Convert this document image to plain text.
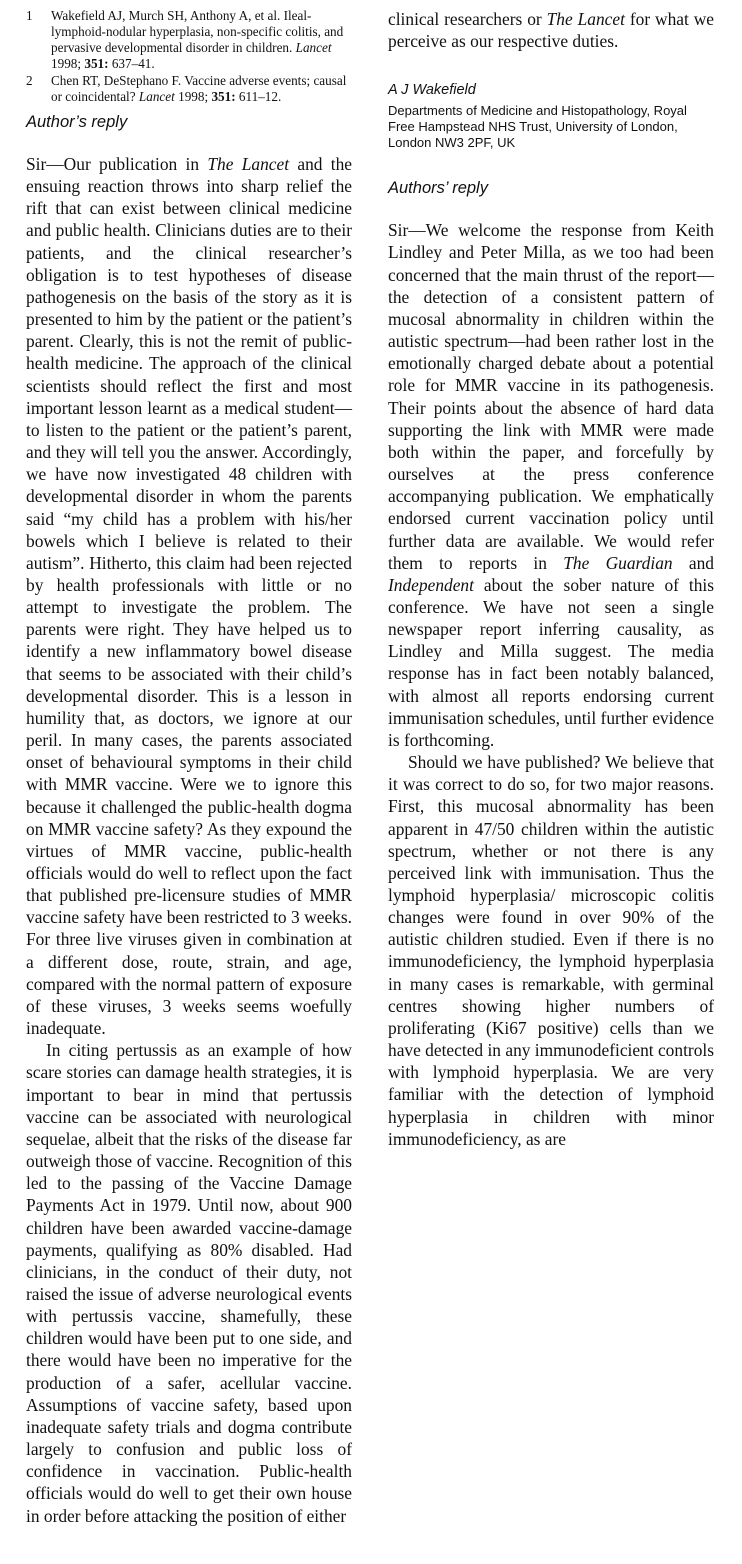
1	Wakefield AJ, Murch SH, Anthony A, et al. Ileal-lymphoid-nodular hyperplasia, non-specific colitis, and pervasive developmental disorder in children. Lancet 1998; 351: 637–41.
2	Chen RT, DeStephano F. Vaccine adverse events; causal or coincidental? Lancet 1998; 351: 611–12.
Author’s reply

Sir—Our publication in The Lancet and the ensuing reaction throws into sharp relief the rift that can exist between clinical medicine and public health. Clinicians duties are to their patients, and the clinical researcher’s obligation is to test hypotheses of disease pathogenesis on the basis of the story as it is presented to him by the patient or the patient’s parent. Clearly, this is not the remit of public-health medicine. The approach of the clinical scientists should reflect the first and most important lesson learnt as a medical student—to listen to the patient or the patient’s parent, and they will tell you the answer. Accordingly, we have now investigated 48 children with developmental disorder in whom the parents said “my child has a problem with his/her bowels which I believe is related to their autism”. Hitherto, this claim had been rejected by health professionals with little or no attempt to investigate the problem. The parents were right. They have helped us to identify a new inflammatory bowel disease that seems to be associated with their child’s developmental disorder. This is a lesson in humility that, as doctors, we ignore at our peril. In many cases, the parents associated onset of behavioural symptoms in their child with MMR vaccine. Were we to ignore this because it challenged the public-health dogma on MMR vaccine safety? As they expound the virtues of MMR vaccine, public-health officials would do well to reflect upon the fact that published pre-licensure studies of MMR vaccine safety have been restricted to 3 weeks. For three live viruses given in combination at a different dose, route, strain, and age, compared with the normal pattern of exposure of these viruses, 3 weeks seems woefully inadequate.

In citing pertussis as an example of how scare stories can damage health strategies, it is important to bear in mind that pertussis vaccine can be associated with neurological sequelae, albeit that the risks of the disease far outweigh those of vaccine. Recognition of this led to the passing of the Vaccine Damage Payments Act in 1979. Until now, about 900 children have been awarded vaccine-damage payments, qualifying as 80% disabled. Had clinicians, in the conduct of their duty, not raised the issue of adverse neurological events with pertussis vaccine, shamefully, these children would have been put to one side, and there would have been no imperative for the production of a safer, acellular vaccine. Assumptions of vaccine safety, based upon inadequate safety trials and dogma contribute largely to confusion and public loss of confidence in vaccination. Public-health officials would do well to get their own house in order before attacking the position of either

clinical researchers or The Lancet for what we perceive as our respective duties.

A J Wakefield
Departments of Medicine and Histopathology, Royal Free Hampstead NHS Trust, University of London, London NW3 2PF, UK
Authors’ reply

Sir—We welcome the response from Keith Lindley and Peter Milla, as we too had been concerned that the main thrust of the report—the detection of a consistent pattern of mucosal abnormality in children within the autistic spectrum—had been rather lost in the emotionally charged debate about a potential role for MMR vaccine in its pathogenesis. Their points about the absence of hard data supporting the link with MMR were made both within the paper, and forcefully by ourselves at the press conference accompanying publication. We emphatically endorsed current vaccination policy until further data are available. We would refer them to reports in The Guardian and Independent about the sober nature of this conference. We have not seen a single newspaper report inferring causality, as Lindley and Milla suggest. The media response has in fact been notably balanced, with almost all reports endorsing current immunisation schedules, until further evidence is forthcoming.

Should we have published? We believe that it was correct to do so, for two major reasons. First, this mucosal abnormality has been apparent in 47/50 children within the autistic spectrum, whether or not there is any perceived link with immunisation. Thus the lymphoid hyperplasia/ microscopic colitis changes were found in over 90% of the autistic children studied. Even if there is no immunodeficiency, the lymphoid hyperplasia in many cases is remarkable, with germinal centres showing higher numbers of proliferating (Ki67 positive) cells than we have detected in any immunodeficient controls with lymphoid hyperplasia. We are very familiar with the detection of lymphoid hyperplasia in children with minor immunodeficiency, as are
